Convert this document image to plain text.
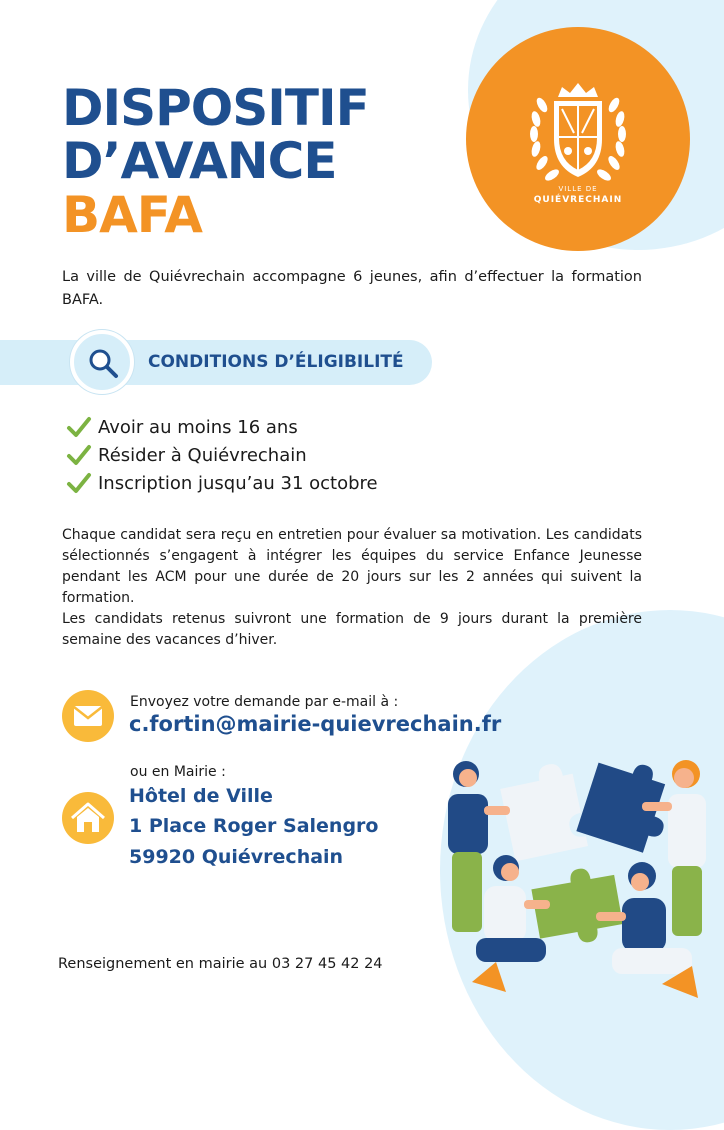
VILLE DE
QUIÉVRECHAIN
DISPOSITIF
D’AVANCE
BAFA
La ville de Quiévrechain accompagne 6 jeunes, afin d’effectuer la formation BAFA.
CONDITIONS D’ÉLIGIBILITÉ
Avoir au moins 16 ans
Résider à Quiévrechain
Inscription jusqu’au 31 octobre
Chaque candidat sera reçu en entretien pour évaluer sa motivation. Les candidats sélectionnés s’engagent à intégrer les équipes du service Enfance Jeunesse pendant les ACM pour une durée de 20 jours sur les 2 années qui suivent la formation.
Les candidats retenus suivront une formation de 9 jours durant la première semaine des vacances d’hiver.
Envoyez votre demande par e-mail à :
c.fortin@mairie-quievrechain.fr
ou en Mairie :
Hôtel de Ville
1 Place Roger Salengro
59920 Quiévrechain
Renseignement en mairie au 03 27 45 42 24
